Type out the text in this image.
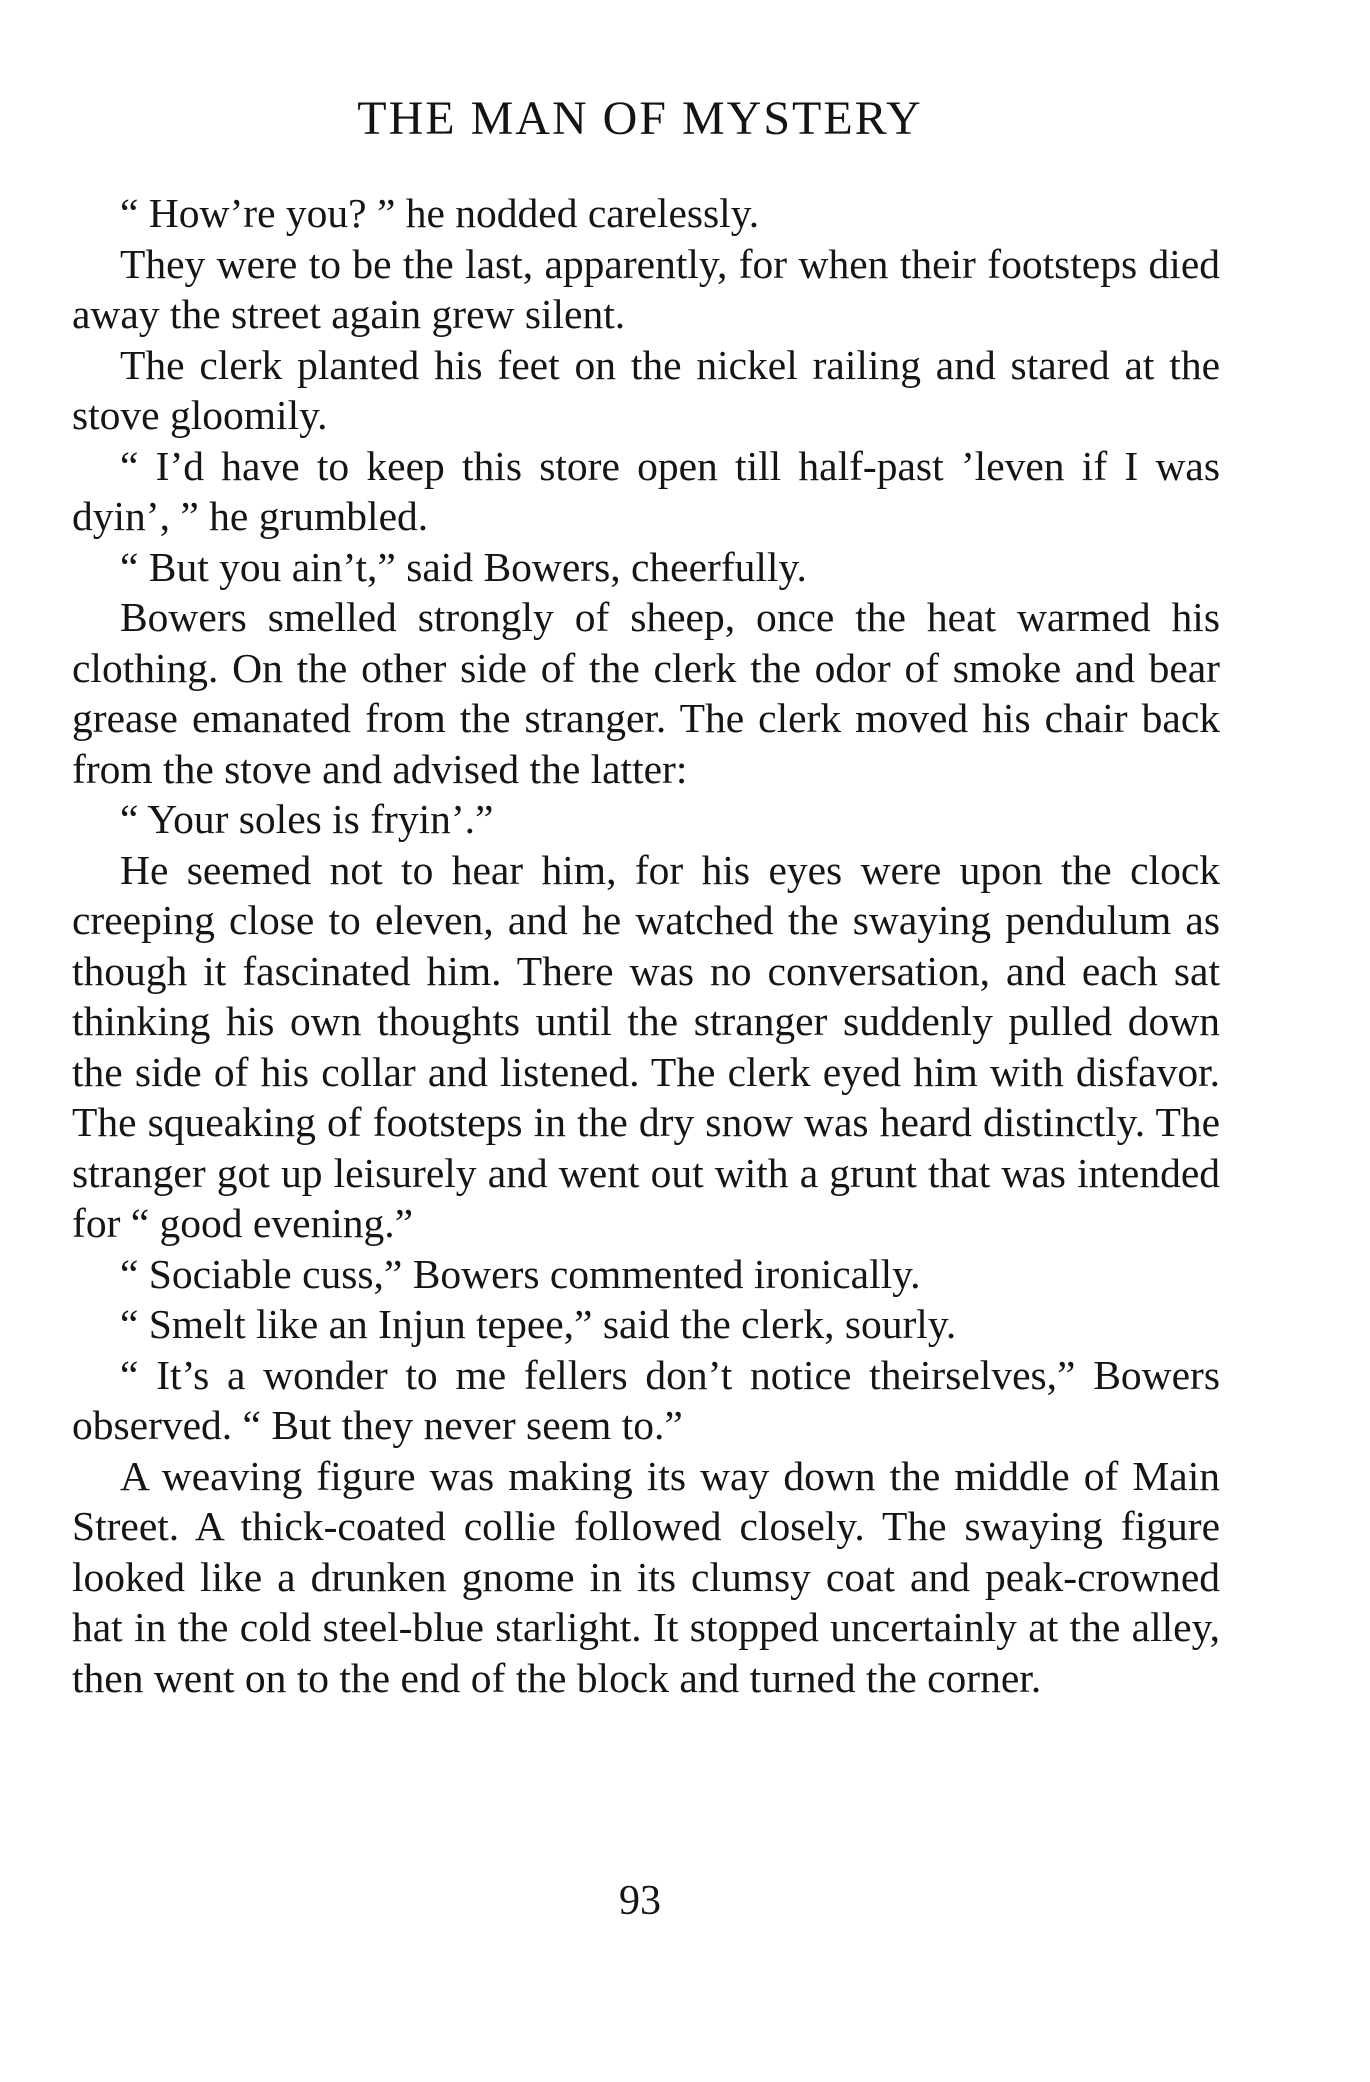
THE MAN OF MYSTERY

“ How’re you? ” he nodded carelessly.

They were to be the last, apparently, for when their footsteps died away the street again grew silent.

The clerk planted his feet on the nickel railing and stared at the stove gloomily.

“ I’d have to keep this store open till half-past ’leven if I was dyin’, ” he grumbled.

“ But you ain’t,” said Bowers, cheerfully.

Bowers smelled strongly of sheep, once the heat warmed his clothing. On the other side of the clerk the odor of smoke and bear grease emanated from the stranger. The clerk moved his chair back from the stove and advised the latter:

“ Your soles is fryin’.”

He seemed not to hear him, for his eyes were upon the clock creeping close to eleven, and he watched the swaying pendulum as though it fascinated him. There was no conversation, and each sat thinking his own thoughts until the stranger suddenly pulled down the side of his collar and listened. The clerk eyed him with disfavor. The squeaking of footsteps in the dry snow was heard distinctly. The stranger got up leisurely and went out with a grunt that was intended for “ good evening.”

“ Sociable cuss,” Bowers commented ironically.

“ Smelt like an Injun tepee,” said the clerk, sourly.

“ It’s a wonder to me fellers don’t notice theirselves,” Bowers observed. “ But they never seem to.”

A weaving figure was making its way down the middle of Main Street. A thick-coated collie followed closely. The swaying figure looked like a drunken gnome in its clumsy coat and peak-crowned hat in the cold steel-blue starlight. It stopped uncertainly at the alley, then went on to the end of the block and turned the corner.

93
